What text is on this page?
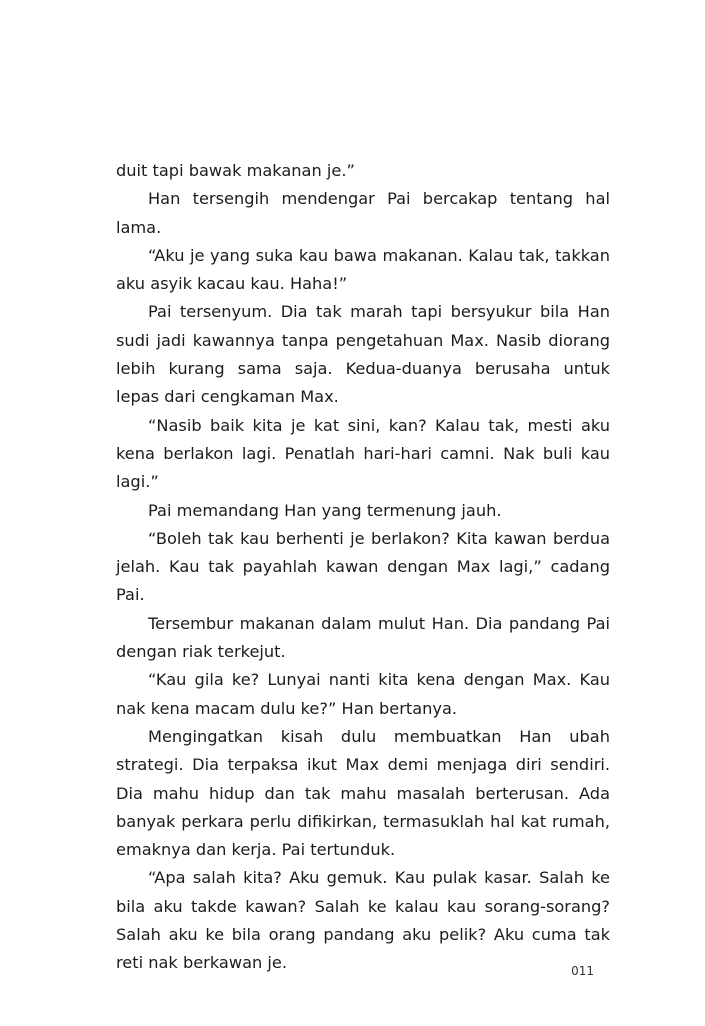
duit tapi bawak makanan je.”

Han tersengih mendengar Pai bercakap tentang hal lama.

“Aku je yang suka kau bawa makanan. Kalau tak, takkan aku asyik kacau kau. Haha!”

Pai tersenyum. Dia tak marah tapi bersyukur bila Han sudi jadi kawannya tanpa pengetahuan Max. Nasib diorang lebih kurang sama saja. Kedua-duanya berusaha untuk lepas dari cengkaman Max.

“Nasib baik kita je kat sini, kan? Kalau tak, mesti aku kena berlakon lagi. Penatlah hari-hari camni. Nak buli kau lagi.”

Pai memandang Han yang termenung jauh.

“Boleh tak kau berhenti je berlakon? Kita kawan berdua jelah. Kau tak payahlah kawan dengan Max lagi,” cadang Pai.

Tersembur makanan dalam mulut Han. Dia pandang Pai dengan riak terkejut.

“Kau gila ke? Lunyai nanti kita kena dengan Max. Kau nak kena macam dulu ke?” Han bertanya.

Mengingatkan kisah dulu membuatkan Han ubah strategi. Dia terpaksa ikut Max demi menjaga diri sendiri. Dia mahu hidup dan tak mahu masalah berterusan. Ada banyak perkara perlu difikirkan, termasuklah hal kat rumah, emaknya dan kerja. Pai tertunduk.

“Apa salah kita? Aku gemuk. Kau pulak kasar. Salah ke bila aku takde kawan? Salah ke kalau kau sorang-sorang? Salah aku ke bila orang pandang aku pelik? Aku cuma tak reti nak berkawan je.	011
